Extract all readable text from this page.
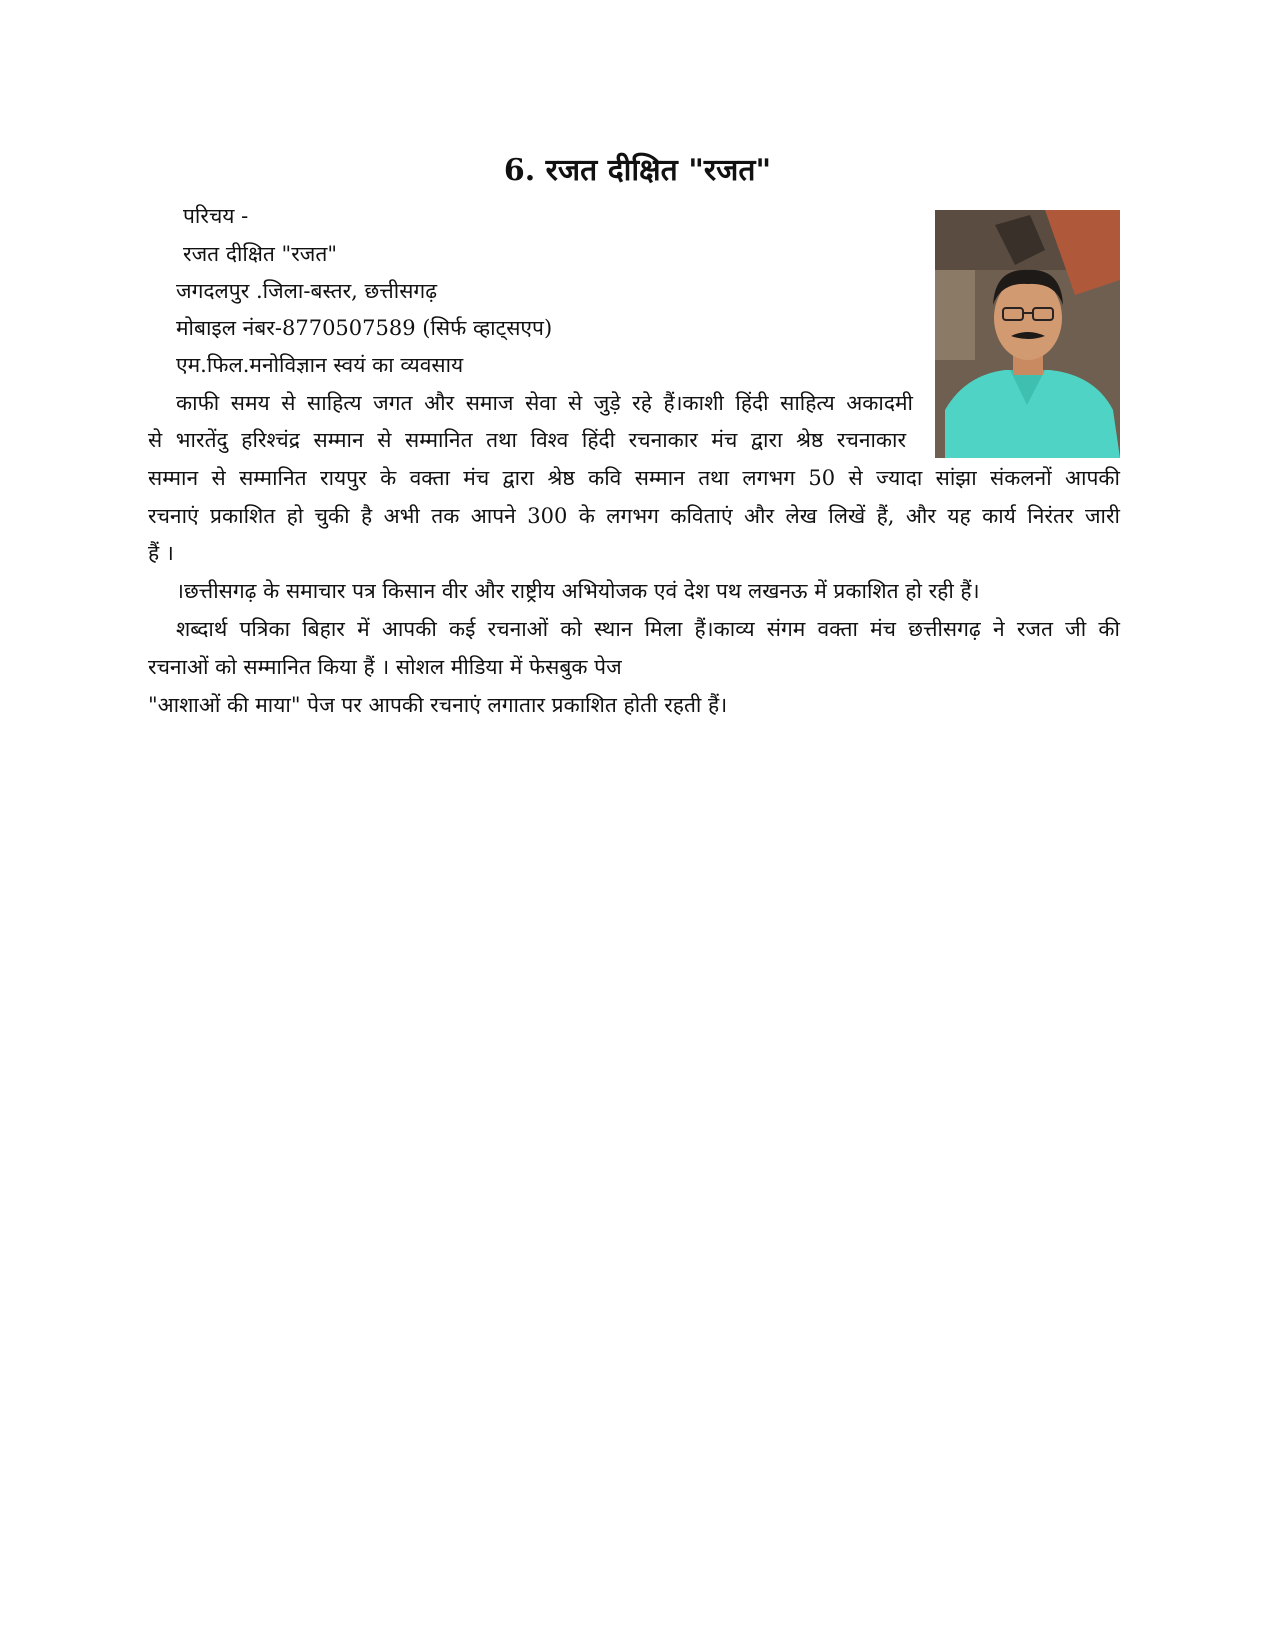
6. रजत दीक्षित "रजत"
परिचय -
रजत दीक्षित "रजत"
जगदलपुर .जिला-बस्तर, छत्तीसगढ़
मोबाइल नंबर-8770507589 (सिर्फ व्हाट्सएप)
एम.फिल.मनोविज्ञान स्वयं का व्यवसाय
काफी समय से साहित्य जगत और समाज सेवा से जुड़े रहे हैं।काशी हिंदी साहित्य अकादमी
से भारतेंदु हरिश्चंद्र सम्मान से सम्मानित तथा विश्व हिंदी रचनाकार मंच द्वारा श्रेष्ठ रचनाकार
सम्मान से सम्मानित रायपुर के वक्ता मंच द्वारा श्रेष्ठ कवि सम्मान तथा लगभग 50 से ज्यादा सांझा संकलनों आपकी
रचनाएं प्रकाशित हो चुकी है अभी तक आपने 300 के लगभग कविताएं और लेख लिखें हैं, और यह कार्य निरंतर जारी
हैं ।
।छत्तीसगढ़ के समाचार पत्र किसान वीर और राष्ट्रीय अभियोजक एवं देश पथ लखनऊ में प्रकाशित हो रही हैं।
शब्दार्थ पत्रिका बिहार में आपकी कई रचनाओं को स्थान मिला हैं।काव्य संगम वक्ता मंच छत्तीसगढ़ ने रजत जी की
रचनाओं को सम्मानित किया हैं । सोशल मीडिया में फेसबुक पेज
"आशाओं की माया" पेज पर आपकी रचनाएं लगातार प्रकाशित होती रहती हैं।
